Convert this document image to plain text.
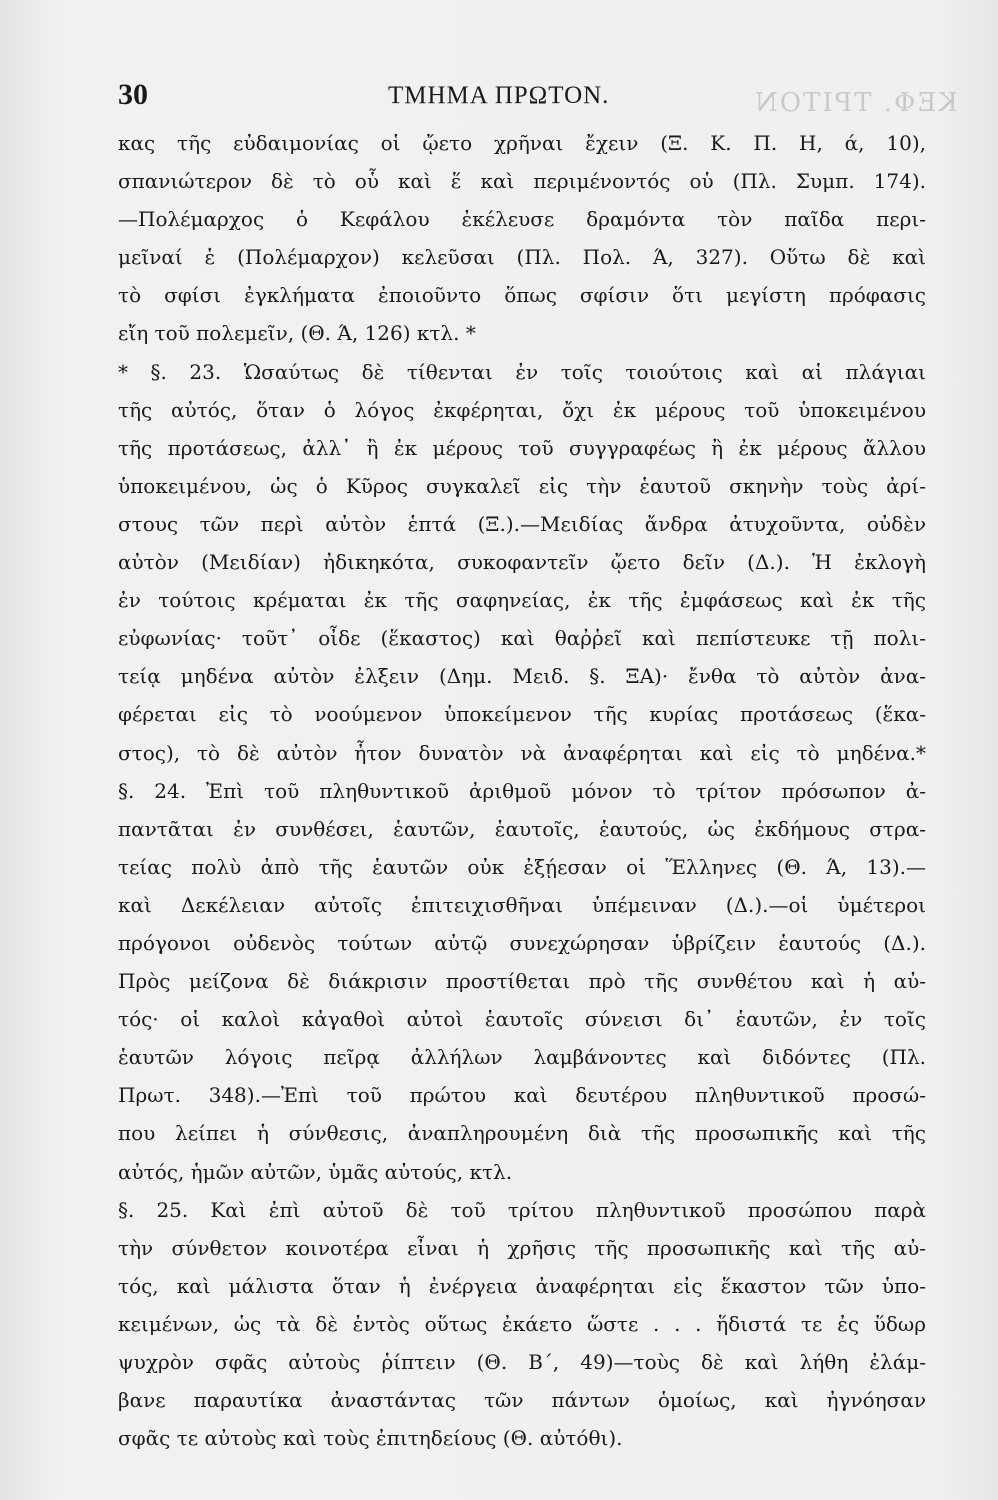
ΚΕΦ. ΤΡΙΤΟΝ
30	ΤΜΗΜΑ ΠΡΩΤΟΝ.
κας τῆς εὐδαιμονίας οἱ ᾤετο χρῆναι ἔχειν (Ξ. Κ. Π. Η, ά, 10),
σπανιώτερον δὲ τὸ οὗ καὶ ἕ καὶ περιμένοντός οὑ (Πλ. Συμπ. 174).
—Πολέμαρχος ὁ Κεφάλου ἐκέλευσε δραμόντα τὸν παῖδα περι-
μεῖναί ἑ (Πολέμαρχον) κελεῦσαι (Πλ. Πολ. Ά, 327). Οὕτω δὲ καὶ
τὸ σφίσι ἐγκλήματα ἐποιοῦντο ὅπως σφίσιν ὅτι μεγίστη πρόφασις
εἴη τοῦ πολεμεῖν, (Θ. Ά, 126) κτλ. *
* §. 23. Ὡσαύτως δὲ τίθενται ἐν τοῖς τοιούτοις καὶ αἱ πλάγιαι
τῆς αὐτός, ὅταν ὁ λόγος ἐκφέρηται, ὄχι ἐκ μέρους τοῦ ὑποκειμένου
τῆς προτάσεως, ἀλλ᾽ ἢ ἐκ μέρους τοῦ συγγραφέως ἢ ἐκ μέρους ἄλλου
ὑποκειμένου, ὡς ὁ Κῦρος συγκαλεῖ εἰς τὴν ἑαυτοῦ σκηνὴν τοὺς ἀρί-
στους τῶν περὶ αὐτὸν ἑπτά (Ξ.).—Μειδίας ἄνδρα ἀτυχοῦντα, οὐδὲν
αὐτὸν (Μειδίαν) ἠδικηκότα, συκοφαντεῖν ᾤετο δεῖν (Δ.). Ἡ ἐκλογὴ
ἐν τούτοις κρέμαται ἐκ τῆς σαφηνείας, ἐκ τῆς ἐμφάσεως καὶ ἐκ τῆς
εὐφωνίας· τοῦτ᾽ οἶδε (ἕκαστος) καὶ θαῤῥεῖ καὶ πεπίστευκε τῇ πολι-
τείᾳ μηδένα αὐτὸν ἐλξειν (Δημ. Μειδ. §. ΞΑ)· ἔνθα τὸ αὐτὸν ἀνα-
φέρεται εἰς τὸ νοούμενον ὑποκείμενον τῆς κυρίας προτάσεως (ἕκα-
στος), τὸ δὲ αὐτὸν ἦτον δυνατὸν νὰ ἀναφέρηται καὶ εἰς τὸ μηδένα.*
§. 24. Ἐπὶ τοῦ πληθυντικοῦ ἀριθμοῦ μόνον τὸ τρίτον πρόσωπον ἀ-
παντᾶται ἐν συνθέσει, ἑαυτῶν, ἑαυτοῖς, ἑαυτούς, ὡς ἐκδήμους στρα-
τείας πολὺ ἀπὸ τῆς ἑαυτῶν οὐκ ἐξῄεσαν οἱ Ἕλληνες (Θ. Ά, 13).—
καὶ Δεκέλειαν αὐτοῖς ἐπιτειχισθῆναι ὑπέμειναν (Δ.).—οἱ ὑμέτεροι
πρόγονοι οὐδενὸς τούτων αὐτῷ συνεχώρησαν ὑβρίζειν ἑαυτούς (Δ.).
Πρὸς μείζονα δὲ διάκρισιν προστίθεται πρὸ τῆς συνθέτου καὶ ἡ αὐ-
τός· οἱ καλοὶ κἀγαθοὶ αὐτοὶ ἑαυτοῖς σύνεισι δι᾽ ἑαυτῶν, ἐν τοῖς
ἑαυτῶν λόγοις πεῖρᾳ ἀλλήλων λαμβάνοντες καὶ διδόντες (Πλ.
Πρωτ. 348).—Ἐπὶ τοῦ πρώτου καὶ δευτέρου πληθυντικοῦ προσώ-
που λείπει ἡ σύνθεσις, ἀναπληρουμένη διὰ τῆς προσωπικῆς καὶ τῆς
αὐτός, ἡμῶν αὐτῶν, ὑμᾶς αὐτούς, κτλ.
§. 25. Καὶ ἐπὶ αὐτοῦ δὲ τοῦ τρίτου πληθυντικοῦ προσώπου παρὰ
τὴν σύνθετον κοινοτέρα εἶναι ἡ χρῆσις τῆς προσωπικῆς καὶ τῆς αὐ-
τός, καὶ μάλιστα ὅταν ἡ ἐνέργεια ἀναφέρηται εἰς ἕκαστον τῶν ὑπο-
κειμένων, ὡς τὰ δὲ ἐντὸς οὕτως ἐκάετο ὥστε . . . ἥδιστά τε ἐς ὕδωρ
ψυχρὸν σφᾶς αὐτοὺς ῥίπτειν (Θ. Β΄, 49)—τοὺς δὲ καὶ λήθη ἐλάμ-
βανε παραυτίκα ἀναστάντας τῶν πάντων ὁμοίως, καὶ ἠγνόησαν
σφᾶς τε αὐτοὺς καὶ τοὺς ἐπιτηδείους (Θ. αὐτόθι).
